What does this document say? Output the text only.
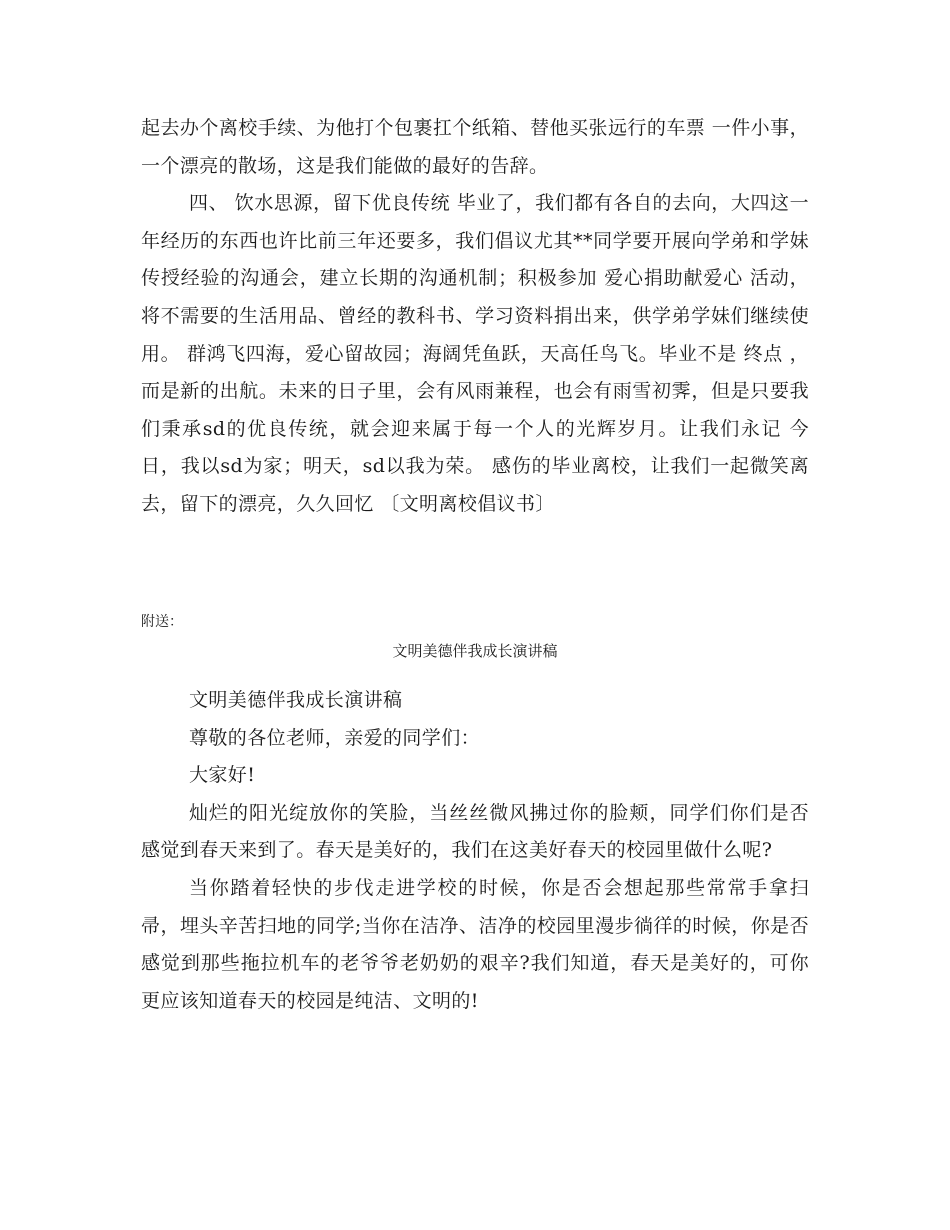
起去办个离校手续、为他打个包裹扛个纸箱、替他买张远行的车票 一件小事，一个漂亮的散场，这是我们能做的最好的告辞。

四、 饮水思源，留下优良传统 毕业了，我们都有各自的去向，大四这一年经历的东西也许比前三年还要多，我们倡议尤其**同学要开展向学弟和学妹传授经验的沟通会，建立长期的沟通机制；积极参加 爱心捐助献爱心 活动，将不需要的生活用品、曾经的教科书、学习资料捐出来，供学弟学妹们继续使用。 群鸿飞四海，爱心留故园；海阔凭鱼跃，天高任鸟飞。毕业不是 终点 ，而是新的出航。未来的日子里，会有风雨兼程，也会有雨雪初霁，但是只要我们秉承sd的优良传统，就会迎来属于每一个人的光辉岁月。让我们永记 今日，我以sd为家；明天，sd以我为荣。 感伤的毕业离校，让我们一起微笑离去，留下的漂亮，久久回忆 〔文明离校倡议书〕

附送：
文明美德伴我成长演讲稿

文明美德伴我成长演讲稿

尊敬的各位老师，亲爱的同学们：

大家好!

灿烂的阳光绽放你的笑脸，当丝丝微风拂过你的脸颊，同学们你们是否感觉到春天来到了。春天是美好的，我们在这美好春天的校园里做什么呢?

当你踏着轻快的步伐走进学校的时候，你是否会想起那些常常手拿扫帚，埋头辛苦扫地的同学;当你在洁净、洁净的校园里漫步徜徉的时候，你是否感觉到那些拖拉机车的老爷爷老奶奶的艰辛?我们知道，春天是美好的，可你更应该知道春天的校园是纯洁、文明的!
